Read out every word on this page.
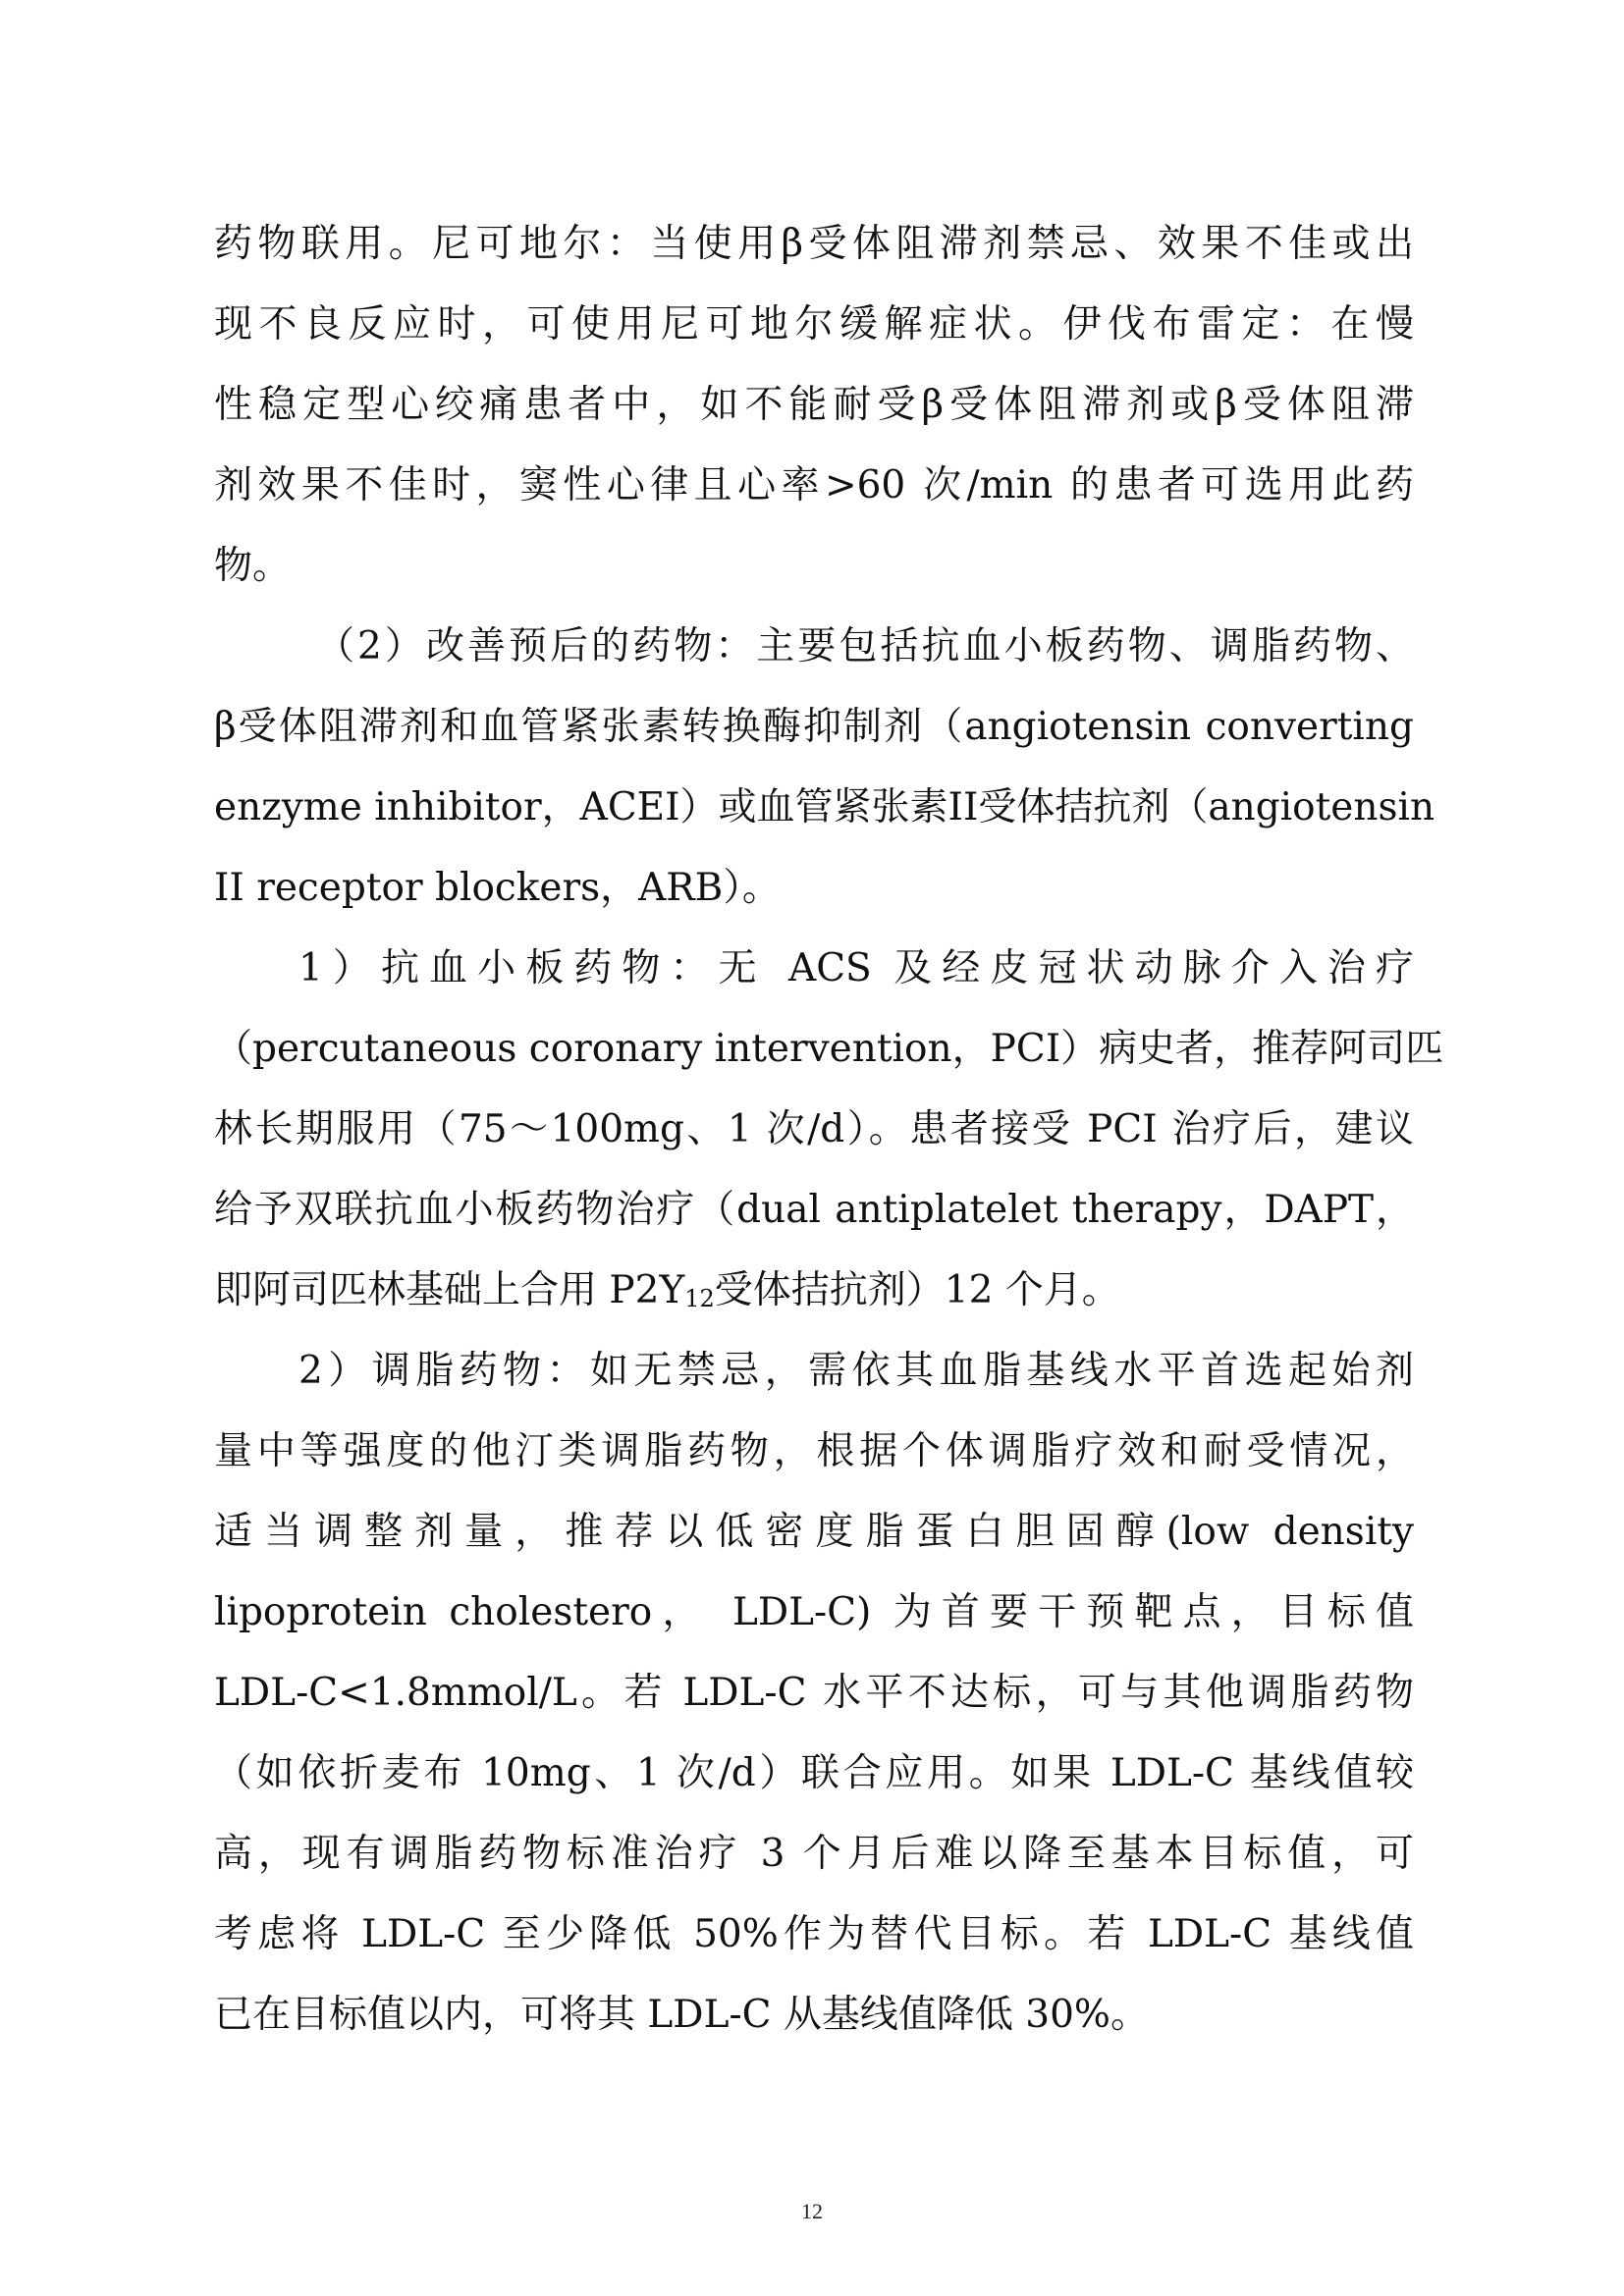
药物联用。尼可地尔：当使用β受体阻滞剂禁忌、效果不佳或出
现不良反应时，可使用尼可地尔缓解症状。伊伐布雷定：在慢
性稳定型心绞痛患者中，如不能耐受β受体阻滞剂或β受体阻滞
剂效果不佳时，窦性心律且心率>60 次/min 的患者可选用此药
物。
（2）改善预后的药物：主要包括抗血小板药物、调脂药物、
β受体阻滞剂和血管紧张素转换酶抑制剂（angiotensin converting
enzyme inhibitor，ACEI）或血管紧张素II受体拮抗剂（angiotensin
II receptor blockers，ARB）。
1）抗血小板药物：无 ACS 及经皮冠状动脉介入治疗
（percutaneous coronary intervention，PCI）病史者，推荐阿司匹
林长期服用（75～100mg、1 次/d）。患者接受 PCI 治疗后，建议
给予双联抗血小板药物治疗（dual antiplatelet therapy，DAPT，
即阿司匹林基础上合用 P2Y12受体拮抗剂）12 个月。
2）调脂药物：如无禁忌，需依其血脂基线水平首选起始剂
量中等强度的他汀类调脂药物，根据个体调脂疗效和耐受情况，
适当调整剂量，推荐以低密度脂蛋白胆固醇(low density
lipoprotein cholestero， LDL-C) 为首要干预靶点，目标值
LDL-C<1.8mmol/L。若 LDL-C 水平不达标，可与其他调脂药物
（如依折麦布 10mg、1 次/d）联合应用。如果 LDL-C 基线值较
高，现有调脂药物标准治疗 3 个月后难以降至基本目标值，可
考虑将 LDL-C 至少降低 50%作为替代目标。若 LDL-C 基线值
已在目标值以内，可将其 LDL-C 从基线值降低 30%。
12
